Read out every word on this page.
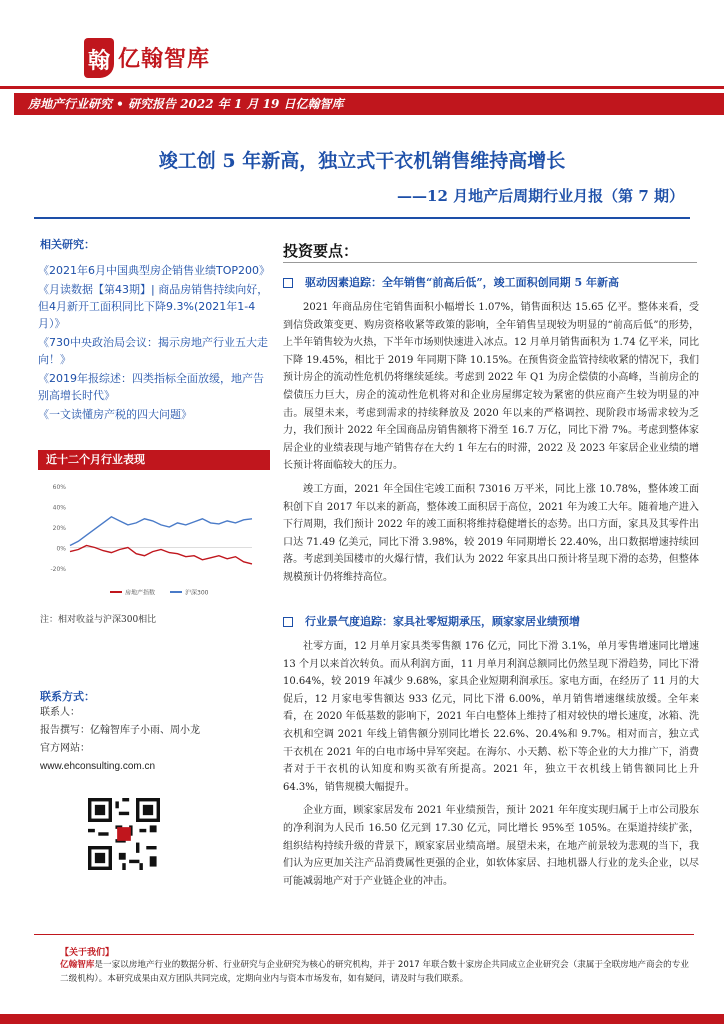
翰 亿翰智库
房地产行业研究 • 研究报告 2022 年 1 月 19 日亿翰智库
竣工创 5 年新高，独立式干衣机销售维持高增长
——12 月地产后周期行业月报（第 7 期）
相关研究：
《2021年6月中国典型房企销售业绩TOP200》
《月读数据【第43期】| 商品房销售持续向好，但4月新开工面积同比下降9.3%(2021年1-4月）》
《730中央政治局会议：揭示房地产行业五大走向！》
《2019年报综述：四类指标全面放缓，地产告别高增长时代》
《一文读懂房产税的四大问题》
近十二个月行业表现
60%
40%
20%
0%
-20%
房地产指数	沪深300
注：相对收益与沪深300相比
联系方式：
联系人：
报告撰写：亿翰智库子小雨、周小龙
官方网站：
www.ehconsulting.com.cn
投资要点：
驱动因素追踪：全年销售“前高后低”，竣工面积创同期 5 年新高

2021 年商品房住宅销售面积小幅增长 1.07%，销售面积达 15.65 亿平。整体来看，受到信贷政策变更、购房资格收紧等政策的影响，全年销售呈现较为明显的“前高后低”的形势，上半年销售较为火热，下半年市场则快速进入冰点。12 月单月销售面积为 1.74 亿平米，同比下降 19.45%，相比于 2019 年同期下降 10.15%。在预售资金监管持续收紧的情况下，我们预计房企的流动性危机仍将继续延续。考虑到 2022 年 Q1 为房企偿债的小高峰，当前房企的偿债压力巨大，房企的流动性危机将对和企业房屋绑定较为紧密的供应商产生较为明显的冲击。展望未来，考虑到需求的持续释放及 2020 年以来的严格调控、现阶段市场需求较为乏力，我们预计 2022 年全国商品房销售额将下滑至 16.7 万亿，同比下滑 7%。考虑到整体家居企业的业绩表现与地产销售存在大约 1 年左右的时滞，2022 及 2023 年家居企业业绩的增长预计将面临较大的压力。

竣工方面，2021 年全国住宅竣工面积 73016 万平米，同比上涨 10.78%，整体竣工面积创下自 2017 年以来的新高，整体竣工面积居于高位，2021 年为竣工大年。随着地产进入下行周期，我们预计 2022 年的竣工面积将维持稳健增长的态势。出口方面，家具及其零件出口达 71.49 亿美元，同比下滑 3.98%，较 2019 年同期增长 22.40%，出口数据增速持续回落。考虑到美国楼市的火爆行情，我们认为 2022 年家具出口预计将呈现下滑的态势，但整体规模预计仍将维持高位。

行业景气度追踪：家具社零短期承压，顾家家居业绩预增

社零方面，12 月单月家具类零售额 176 亿元，同比下滑 3.1%，单月零售增速同比增速 13 个月以来首次转负。而从利润方面，11 月单月利润总额同比仍然呈现下滑趋势，同比下滑 10.64%，较 2019 年减少 9.68%，家具企业短期利润承压。家电方面，在经历了 11 月的大促后，12 月家电零售额达 933 亿元，同比下滑 6.00%，单月销售增速继续放缓。全年来看，在 2020 年低基数的影响下，2021 年白电整体上维持了相对较快的增长速度，冰箱、洗衣机和空调 2021 年线上销售额分别同比增长 22.6%、20.4%和 9.7%。相对而言，独立式干衣机在 2021 年的白电市场中异军突起。在海尔、小天鹅、松下等企业的大力推广下，消费者对于干衣机的认知度和购买欲有所提高。2021 年，独立干衣机线上销售额同比上升 64.3%，销售规模大幅提升。

企业方面，顾家家居发布 2021 年业绩预告，预计 2021 年年度实现归属于上市公司股东的净利润为人民币 16.50 亿元到 17.30 亿元，同比增长 95%至 105%。在渠道持续扩张，组织结构持续升级的背景下，顾家家居业绩高增。展望未来，在地产前景较为悲观的当下，我们认为应更加关注产品消费属性更强的企业，如软体家居、扫地机器人行业的龙头企业，以尽可能减弱地产对于产业链企业的冲击。

【关于我们】
亿翰智库是一家以房地产行业的数据分析、行业研究与企业研究为核心的研究机构，并于 2017 年联合数十家房企共同成立企业研究会（隶属于全联房地产商会的专业二级机构）。本研究成果由双方团队共同完成，定期向业内与资本市场发布，如有疑问，请及时与我们联系。
